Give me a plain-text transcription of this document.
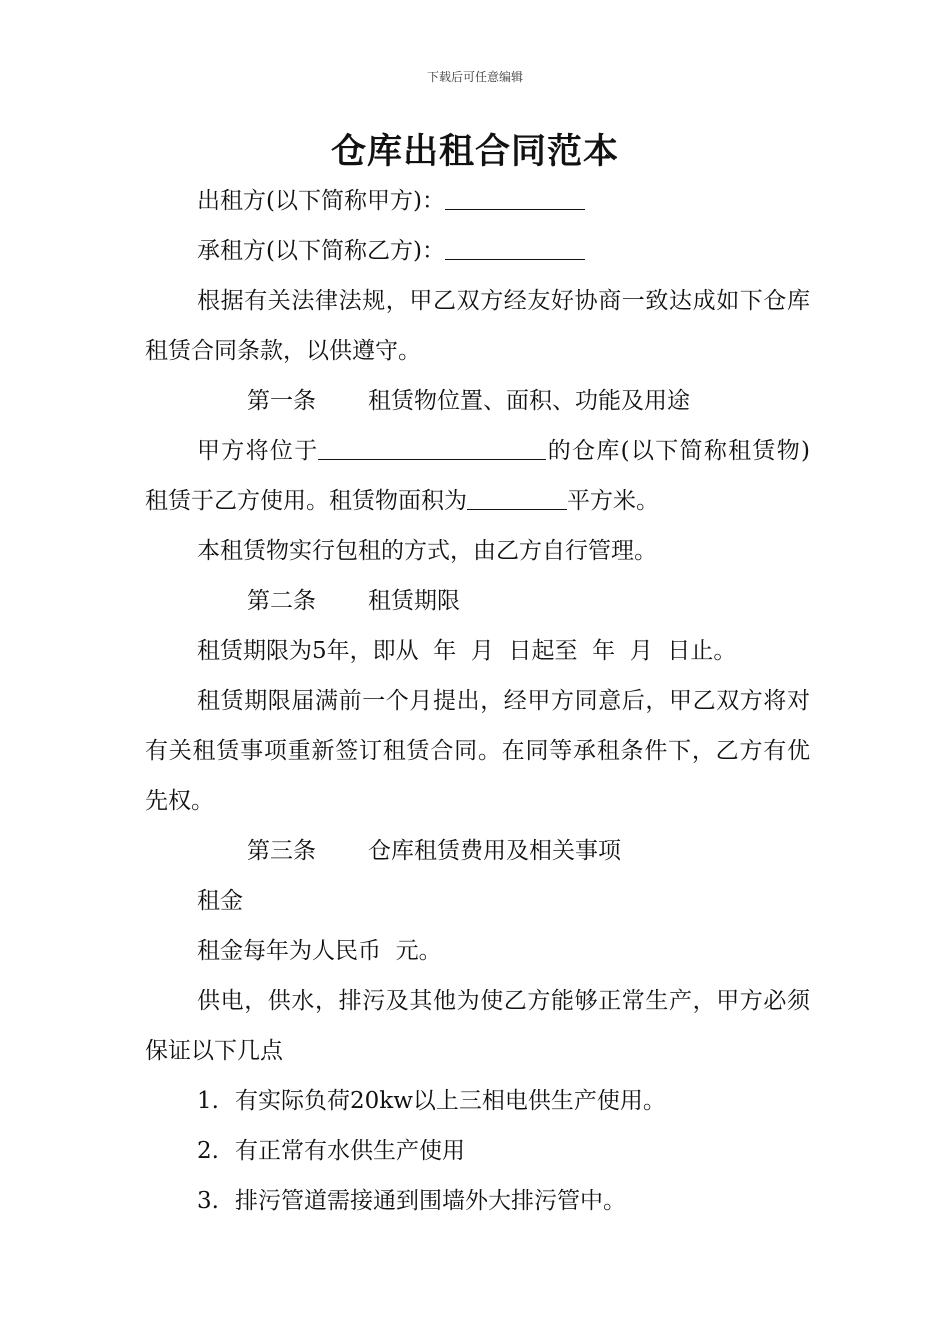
下载后可任意编辑
仓库出租合同范本

出租方(以下简称甲方)：

承租方(以下简称乙方)：

根据有关法律法规，甲乙双方经友好协商一致达成如下仓库租赁合同条款，以供遵守。

第一条 租赁物位置、面积、功能及用途

甲方将位于	的仓库(以下简称租赁物)租赁于乙方使用。租赁物面积为	平方米。

本租赁物实行包租的方式，由乙方自行管理。

第二条 租赁期限

租赁期限为5年，即从  年  月  日起至  年  月  日止。

租赁期限届满前一个月提出，经甲方同意后，甲乙双方将对有关租赁事项重新签订租赁合同。在同等承租条件下，乙方有优先权。

第三条 仓库租赁费用及相关事项

租金

租金每年为人民币  元。

供电，供水，排污及其他为使乙方能够正常生产，甲方必须保证以下几点

1. 有实际负荷20kw以上三相电供生产使用。

2. 有正常有水供生产使用

3. 排污管道需接通到围墙外大排污管中。
